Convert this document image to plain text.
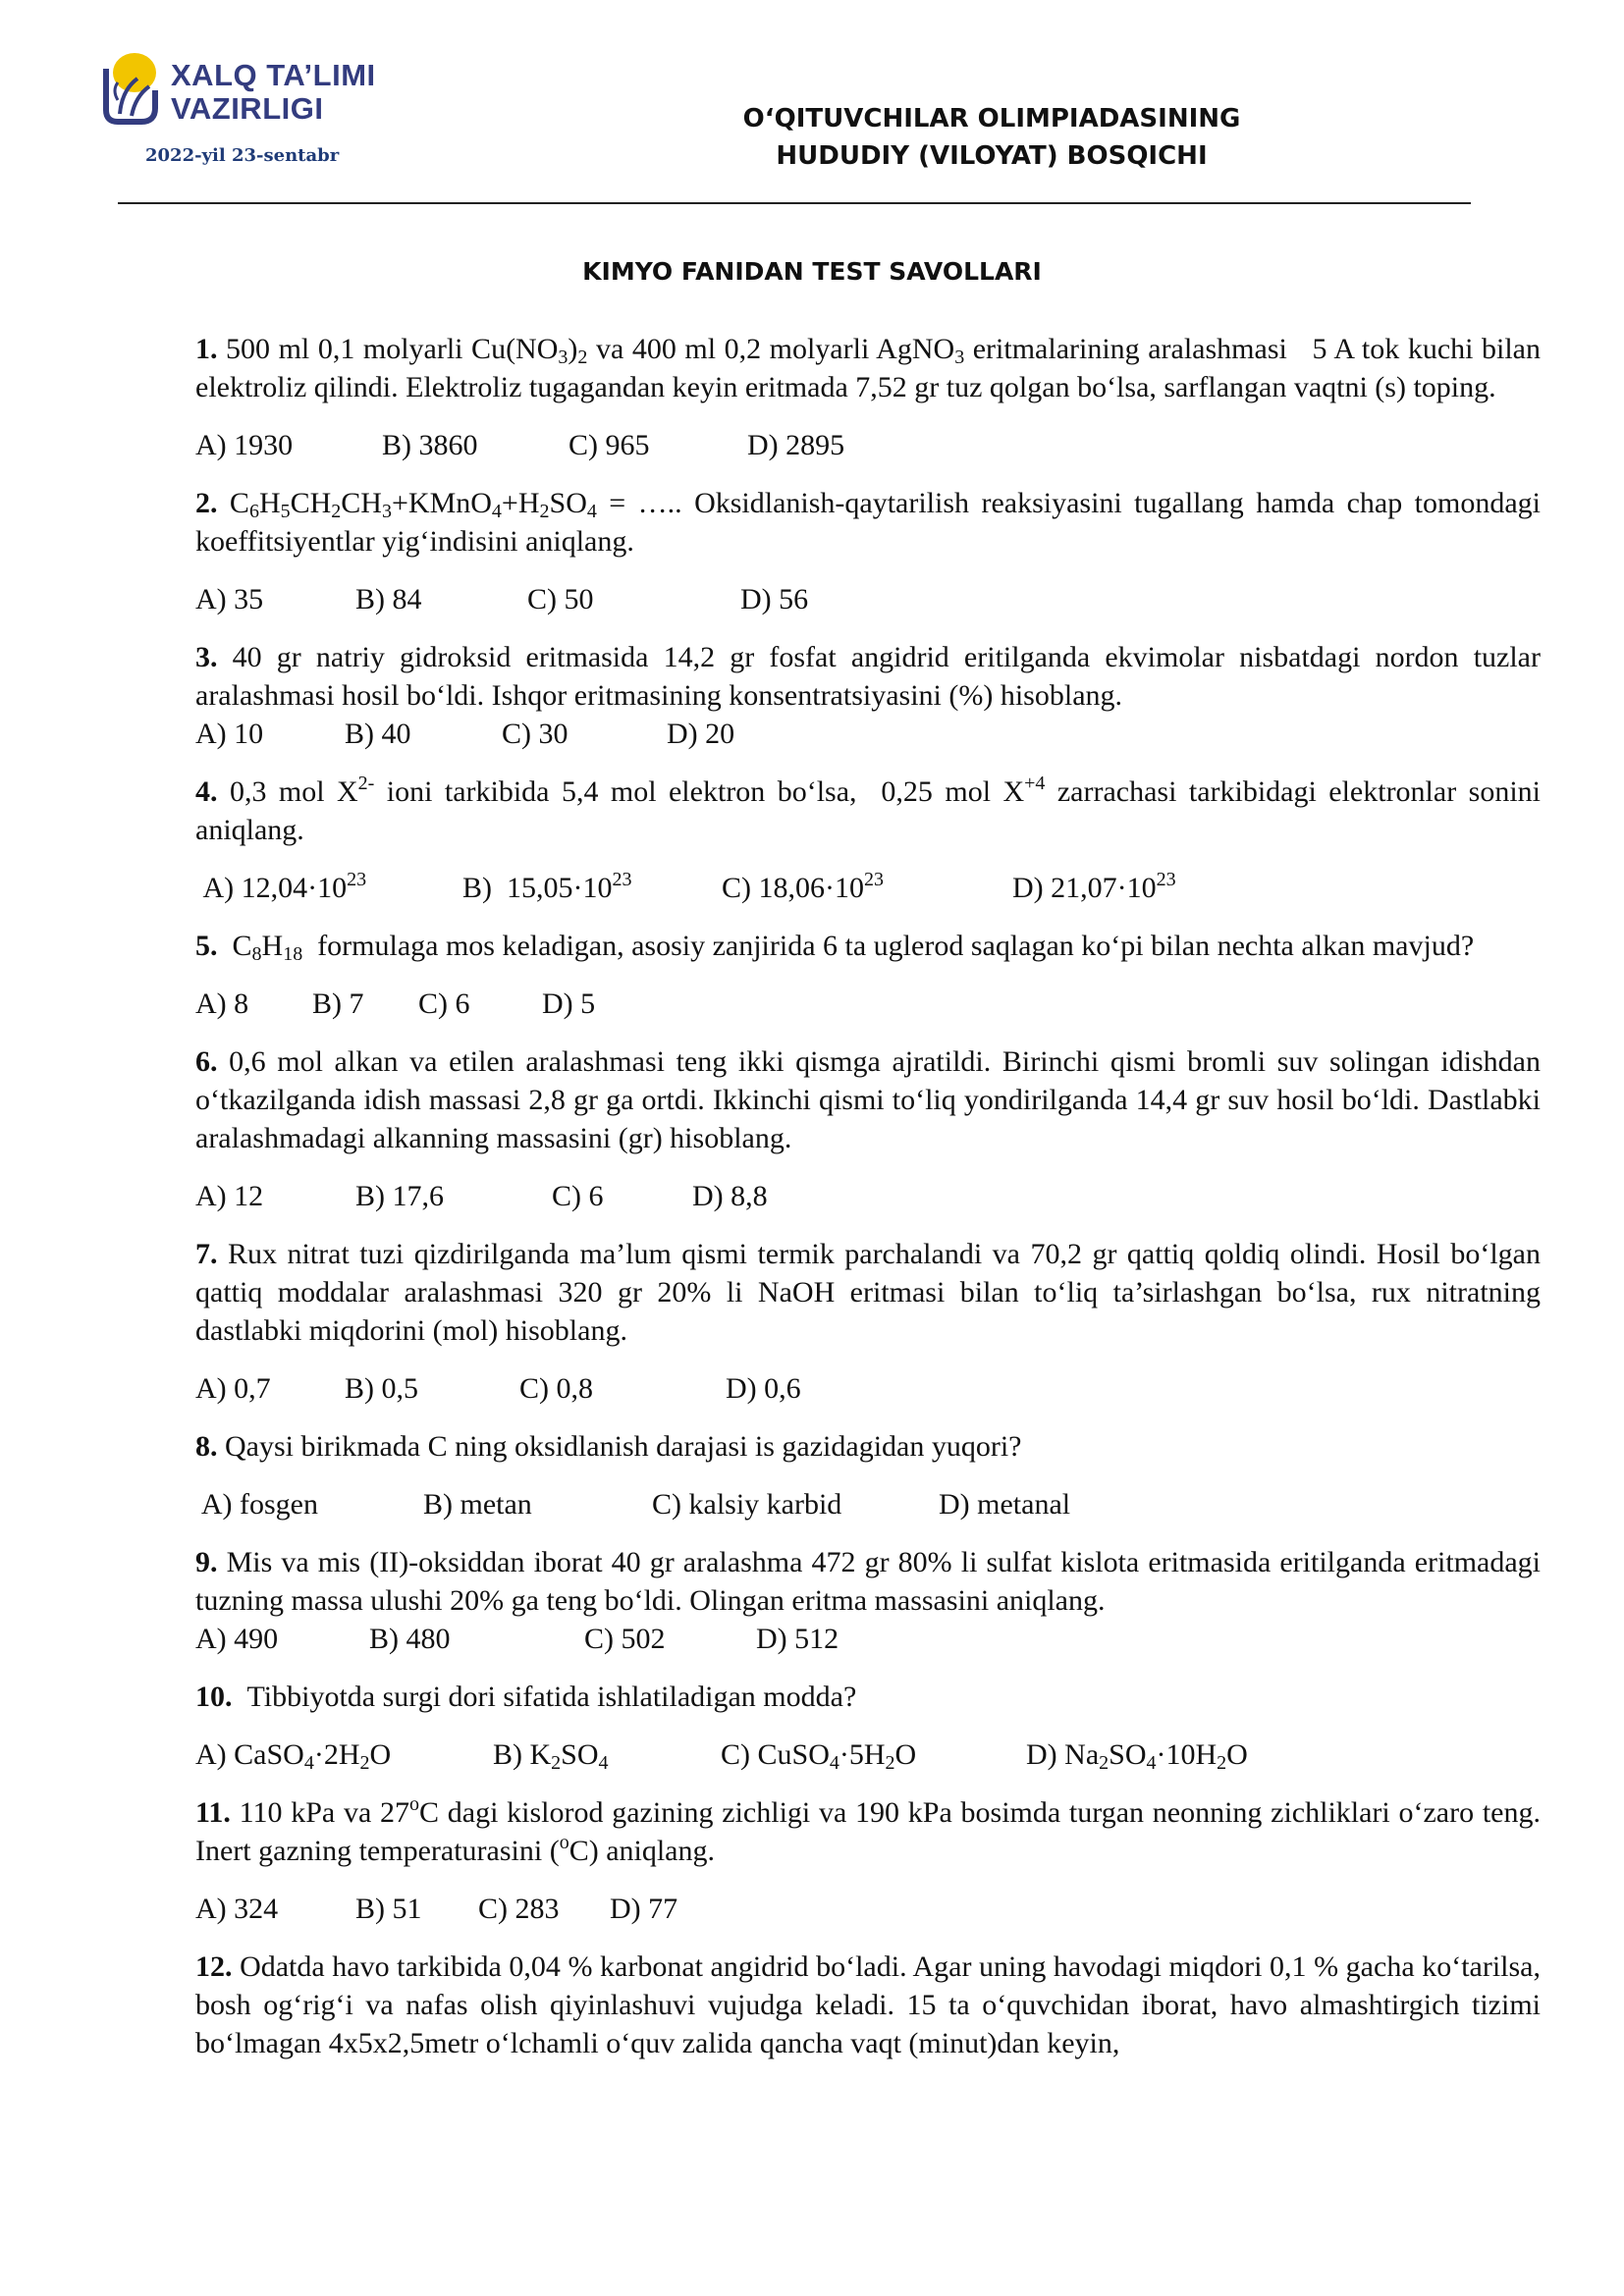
XALQ TA’LIMI
VAZIRLIGI
2022-yil 23-sentabr
O‘QITUVCHILAR OLIMPIADASINING
HUDUDIY (VILOYAT) BOSQICHI
KIMYO FANIDAN TEST SAVOLLARI
1. 500 ml 0,1 molyarli $Cu(NO_3)_2$ va 400 ml 0,2 molyarli AgNO$_3$ eritmalarining aralashmasi   5 A tok kuchi bilan elektroliz qilindi. Elektroliz tugagandan keyin eritmada 7,52 gr tuz qolgan bo‘lsa, sarflangan vaqtni (s) toping.
A) 1930	B) 3860	C) 965	D) 2895
2. $C_6H_5CH_2CH_3+KMnO_4+H_2SO_4$ = ….. Oksidlanish-qaytarilish reaksiyasini tugallang hamda chap tomondagi koeffitsiyentlar yig‘indisini aniqlang.
A) 35	B) 84	C) 50	D) 56
3. 40 gr natriy gidroksid eritmasida 14,2 gr fosfat angidrid eritilganda ekvimolar nisbatdagi nordon tuzlar aralashmasi hosil bo‘ldi. Ishqor eritmasining konsentratsiyasini (%) hisoblang.
A) 10	B) 40	C) 30	D) 20
4. 0,3 mol $X^{2-}$ ioni tarkibida 5,4 mol elektron bo‘lsa,  0,25 mol $X^{+4}$ zarrachasi tarkibidagi elektronlar sonini aniqlang.
A) $12,04\cdot 10^{23}$	B)  $15,05\cdot 10^{23}$	C) $18,06\cdot 10^{23}$	D) $21,07\cdot 10^{23}$
5.  $C_8H_{18}$  formulaga mos keladigan, asosiy zanjirida 6 ta uglerod saqlagan ko‘pi bilan nechta alkan mavjud?
A) 8	B) 7	C) 6	D) 5
6. 0,6 mol alkan va etilen aralashmasi teng ikki qismga ajratildi. Birinchi qismi bromli suv solingan idishdan o‘tkazilganda idish massasi 2,8 gr ga ortdi. Ikkinchi qismi to‘liq yondirilganda 14,4 gr suv hosil bo‘ldi. Dastlabki aralashmadagi alkanning massasini (gr) hisoblang.
A) 12	B) 17,6	C) 6	D) 8,8
7. Rux nitrat tuzi qizdirilganda ma’lum qismi termik parchalandi va 70,2 gr qattiq qoldiq olindi. Hosil bo‘lgan qattiq moddalar aralashmasi 320 gr 20% li NaOH eritmasi bilan to‘liq ta’sirlashgan bo‘lsa, rux nitratning dastlabki miqdorini (mol) hisoblang.
A) 0,7	B) 0,5	C) 0,8	D) 0,6
8. Qaysi birikmada C ning oksidlanish darajasi is gazidagidan yuqori?
A) fosgen	B) metan	C) kalsiy karbid	D) metanal
9. Mis va mis (II)-oksiddan iborat 40 gr aralashma 472 gr 80% li sulfat kislota eritmasida eritilganda eritmadagi tuzning massa ulushi 20% ga teng bo‘ldi. Olingan eritma massasini aniqlang.
A) 490	B) 480	C) 502	D) 512
10.  Tibbiyotda surgi dori sifatida ishlatiladigan modda?
A) $CaSO_4\cdot 2H_2O$	B) $K_2SO_4$	C) $CuSO_4\cdot 5H_2O$	D) $Na_2SO_4\cdot 10H_2O$
11. 110 kPa va 27$^o$C dagi kislorod gazining zichligi va 190 kPa bosimda turgan neonning zichliklari o‘zaro teng. Inert gazning temperaturasini ($^o$C) aniqlang.
A) 324	B) 51	C) 283	D) 77
12. Odatda havo tarkibida 0,04 % karbonat angidrid bo‘ladi. Agar uning havodagi miqdori 0,1 % gacha ko‘tarilsa, bosh og‘rig‘i va nafas olish qiyinlashuvi vujudga keladi. 15 ta o‘quvchidan iborat, havo almashtirgich tizimi bo‘lmagan 4x5x2,5metr o‘lchamli o‘quv zalida qancha vaqt (minut)dan keyin,
